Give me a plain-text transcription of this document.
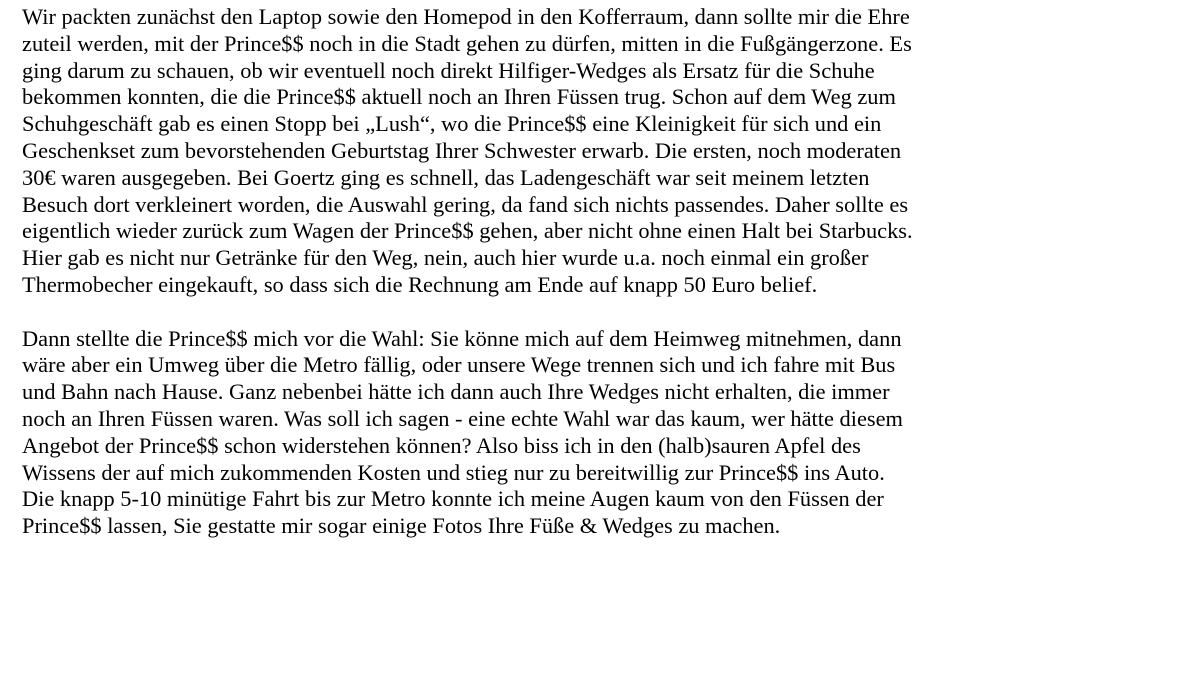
Wir packten zunächst den Laptop sowie den Homepod in den Kofferraum, dann sollte mir die Ehre
zuteil werden, mit der Prince$$ noch in die Stadt gehen zu dürfen, mitten in die Fußgängerzone. Es
ging darum zu schauen, ob wir eventuell noch direkt Hilfiger-Wedges als Ersatz für die Schuhe
bekommen konnten, die die Prince$$ aktuell noch an Ihren Füssen trug. Schon auf dem Weg zum
Schuhgeschäft gab es einen Stopp bei „Lush“, wo die Prince$$ eine Kleinigkeit für sich und ein
Geschenkset zum bevorstehenden Geburtstag Ihrer Schwester erwarb. Die ersten, noch moderaten
30€ waren ausgegeben. Bei Goertz ging es schnell, das Ladengeschäft war seit meinem letzten
Besuch dort verkleinert worden, die Auswahl gering, da fand sich nichts passendes. Daher sollte es
eigentlich wieder zurück zum Wagen der Prince$$ gehen, aber nicht ohne einen Halt bei Starbucks.
Hier gab es nicht nur Getränke für den Weg, nein, auch hier wurde u.a. noch einmal ein großer
Thermobecher eingekauft, so dass sich die Rechnung am Ende auf knapp 50 Euro belief.
Dann stellte die Prince$$ mich vor die Wahl: Sie könne mich auf dem Heimweg mitnehmen, dann
wäre aber ein Umweg über die Metro fällig, oder unsere Wege trennen sich und ich fahre mit Bus
und Bahn nach Hause. Ganz nebenbei hätte ich dann auch Ihre Wedges nicht erhalten, die immer
noch an Ihren Füssen waren. Was soll ich sagen - eine echte Wahl war das kaum, wer hätte diesem
Angebot der Prince$$ schon widerstehen können? Also biss ich in den (halb)sauren Apfel des
Wissens der auf mich zukommenden Kosten und stieg nur zu bereitwillig zur Prince$$ ins Auto.
Die knapp 5-10 minütige Fahrt bis zur Metro konnte ich meine Augen kaum von den Füssen der
Prince$$ lassen, Sie gestatte mir sogar einige Fotos Ihre Füße & Wedges zu machen.
